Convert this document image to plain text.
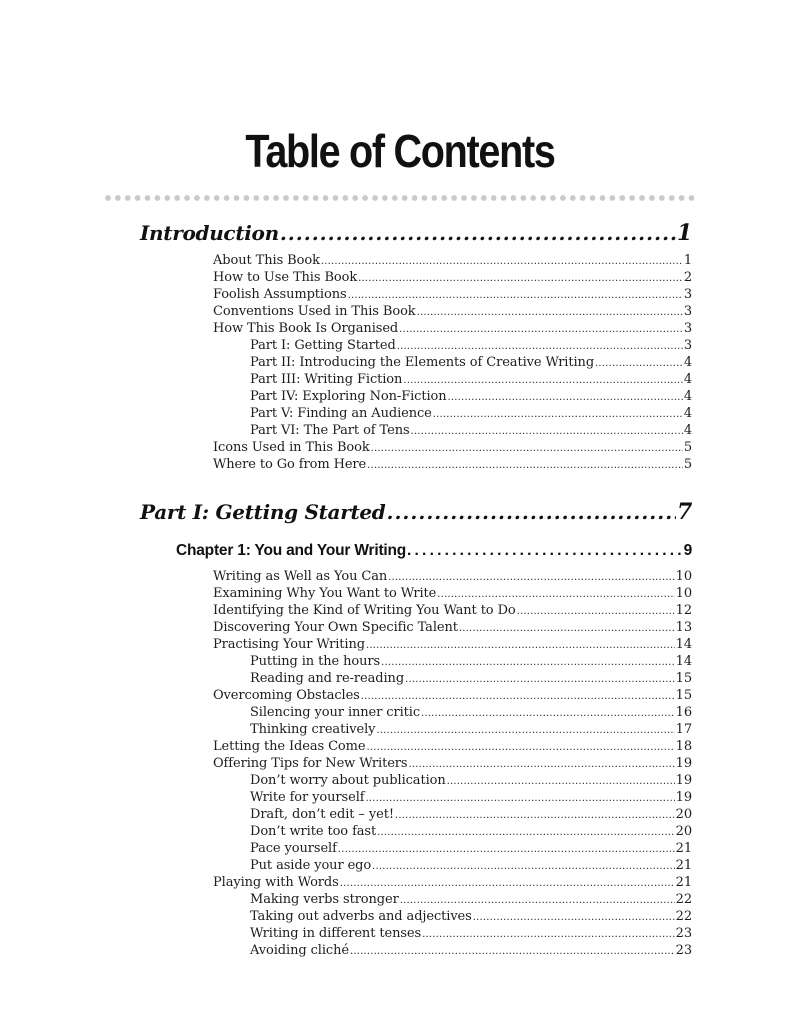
Table of Contents
Introduction .....	1
About This Book .....	1
How to Use This Book .....	2
Foolish Assumptions .....	3
Conventions Used in This Book .....	3
How This Book Is Organised .....	3
Part I: Getting Started .....	3
Part II: Introducing the Elements of Creative Writing .....	4
Part III: Writing Fiction .....	4
Part IV: Exploring Non-Fiction .....	4
Part V: Finding an Audience .....	4
Part VI: The Part of Tens .....	4
Icons Used in This Book .....	5
Where to Go from Here .....	5
Part I: Getting Started .....	7
Chapter 1: You and Your Writing .....	9
Writing as Well as You Can .....	10
Examining Why You Want to Write .....	10
Identifying the Kind of Writing You Want to Do .....	12
Discovering Your Own Specific Talent .....	13
Practising Your Writing .....	14
Putting in the hours .....	14
Reading and re-reading .....	15
Overcoming Obstacles .....	15
Silencing your inner critic .....	16
Thinking creatively .....	17
Letting the Ideas Come .....	18
Offering Tips for New Writers .....	19
Don’t worry about publication .....	19
Write for yourself .....	19
Draft, don’t edit – yet! .....	20
Don’t write too fast .....	20
Pace yourself .....	21
Put aside your ego .....	21
Playing with Words .....	21
Making verbs stronger .....	22
Taking out adverbs and adjectives .....	22
Writing in different tenses .....	23
Avoiding cliché .....	23
